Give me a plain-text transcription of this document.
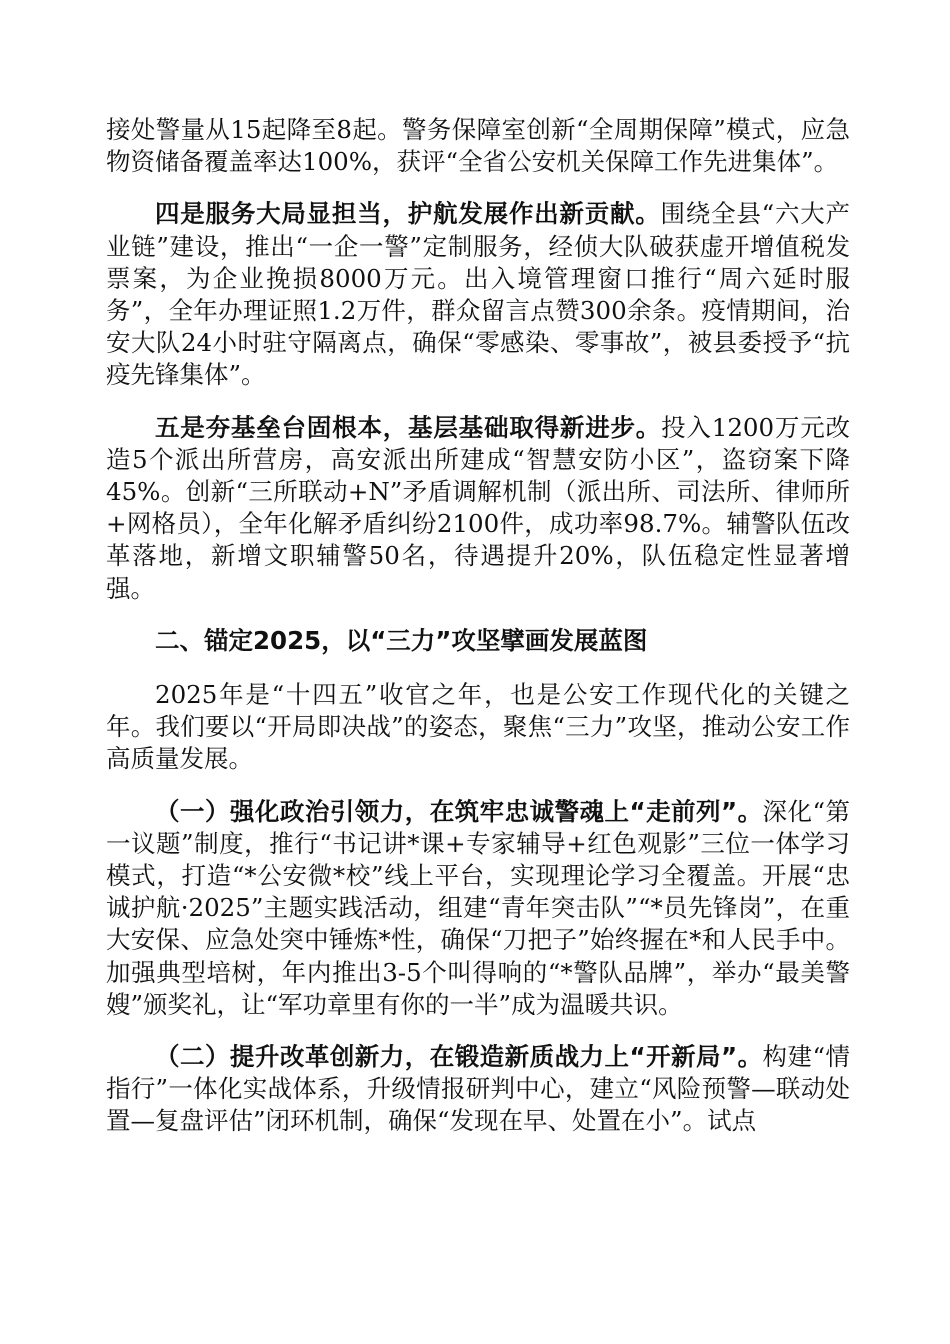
接处警量从15起降至8起。警务保障室创新“全周期保障”模式，应急物资储备覆盖率达100%，获评“全省公安机关保障工作先进集体”。

四是服务大局显担当，护航发展作出新贡献。围绕全县“六大产业链”建设，推出“一企一警”定制服务，经侦大队破获虚开增值税发票案，为企业挽损8000万元。出入境管理窗口推行“周六延时服务”，全年办理证照1.2万件，群众留言点赞300余条。疫情期间，治安大队24小时驻守隔离点，确保“零感染、零事故”，被县委授予“抗疫先锋集体”。

五是夯基垒台固根本，基层基础取得新进步。投入1200万元改造5个派出所营房，高安派出所建成“智慧安防小区”，盗窃案下降45%。创新“三所联动+N”矛盾调解机制（派出所、司法所、律师所+网格员），全年化解矛盾纠纷2100件，成功率98.7%。辅警队伍改革落地，新增文职辅警50名，待遇提升20%，队伍稳定性显著增强。

二、锚定2025，以“三力”攻坚擘画发展蓝图

2025年是“十四五”收官之年，也是公安工作现代化的关键之年。我们要以“开局即决战”的姿态，聚焦“三力”攻坚，推动公安工作高质量发展。

（一）强化政治引领力，在筑牢忠诚警魂上“走前列”。深化“第一议题”制度，推行“书记讲*课+专家辅导+红色观影”三位一体学习模式，打造“*公安微*校”线上平台，实现理论学习全覆盖。开展“忠诚护航·2025”主题实践活动，组建“青年突击队”“*员先锋岗”，在重大安保、应急处突中锤炼*性，确保“刀把子”始终握在*和人民手中。加强典型培树，年内推出3-5个叫得响的“*警队品牌”，举办“最美警嫂”颁奖礼，让“军功章里有你的一半”成为温暖共识。

（二）提升改革创新力，在锻造新质战力上“开新局”。构建“情指行”一体化实战体系，升级情报研判中心，建立“风险预警—联动处置—复盘评估”闭环机制，确保“发现在早、处置在小”。试点
